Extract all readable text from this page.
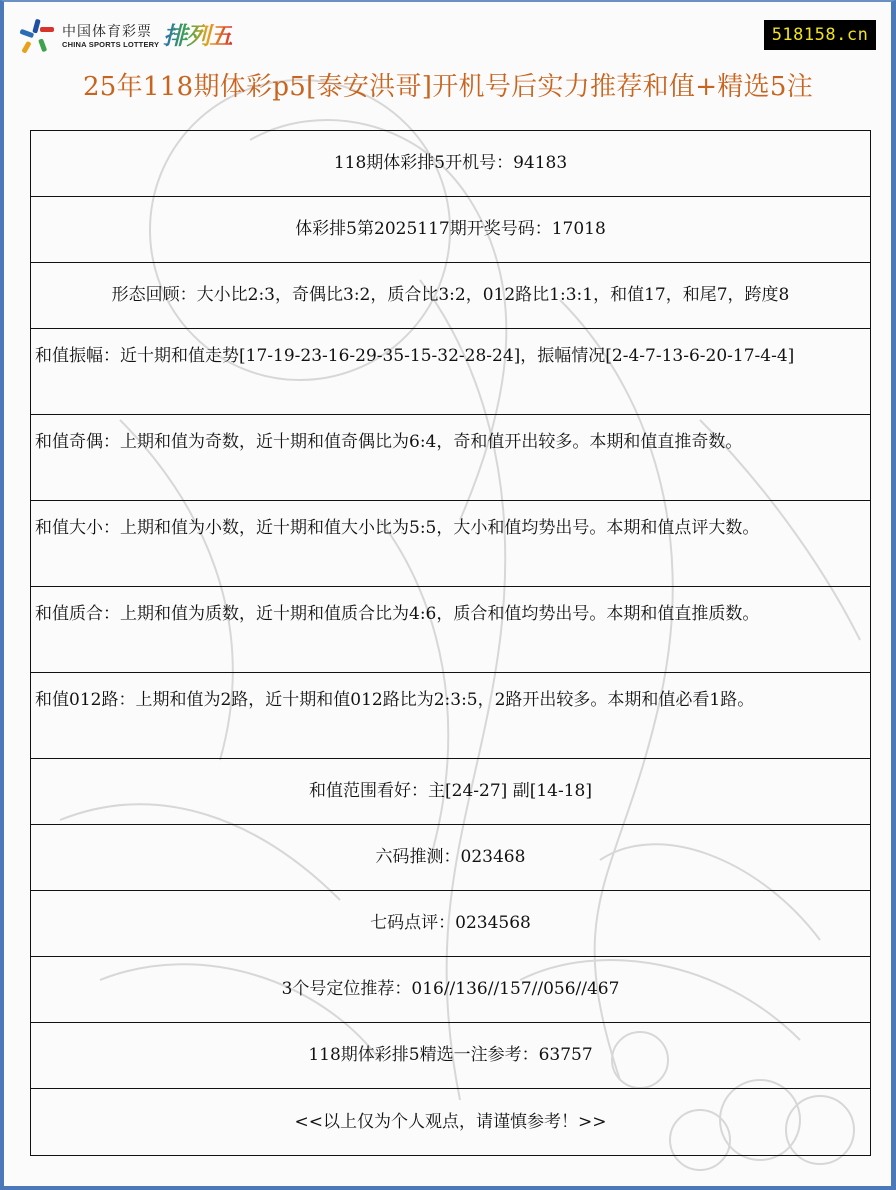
中国体育彩票
CHINA SPORTS LOTTERY 排列五	518158.cn
25年118期体彩p5[泰安洪哥]开机号后实力推荐和值+精选5注
118期体彩排5开机号：94183
体彩排5第2025117期开奖号码：17018
形态回顾：大小比2:3，奇偶比3:2，质合比3:2，012路比1:3:1，和值17，和尾7，跨度8
和值振幅：近十期和值走势[17-19-23-16-29-35-15-32-28-24]，振幅情况[2-4-7-13-6-20-17-4-4]
和值奇偶：上期和值为奇数，近十期和值奇偶比为6:4，奇和值开出较多。本期和值直推奇数。
和值大小：上期和值为小数，近十期和值大小比为5:5，大小和值均势出号。本期和值点评大数。
和值质合：上期和值为质数，近十期和值质合比为4:6，质合和值均势出号。本期和值直推质数。
和值012路：上期和值为2路，近十期和值012路比为2:3:5，2路开出较多。本期和值必看1路。
和值范围看好：主[24-27] 副[14-18]
六码推测：023468
七码点评：0234568
3个号定位推荐：016//136//157//056//467
118期体彩排5精选一注参考：63757
<<以上仅为个人观点，请谨慎参考！>>
